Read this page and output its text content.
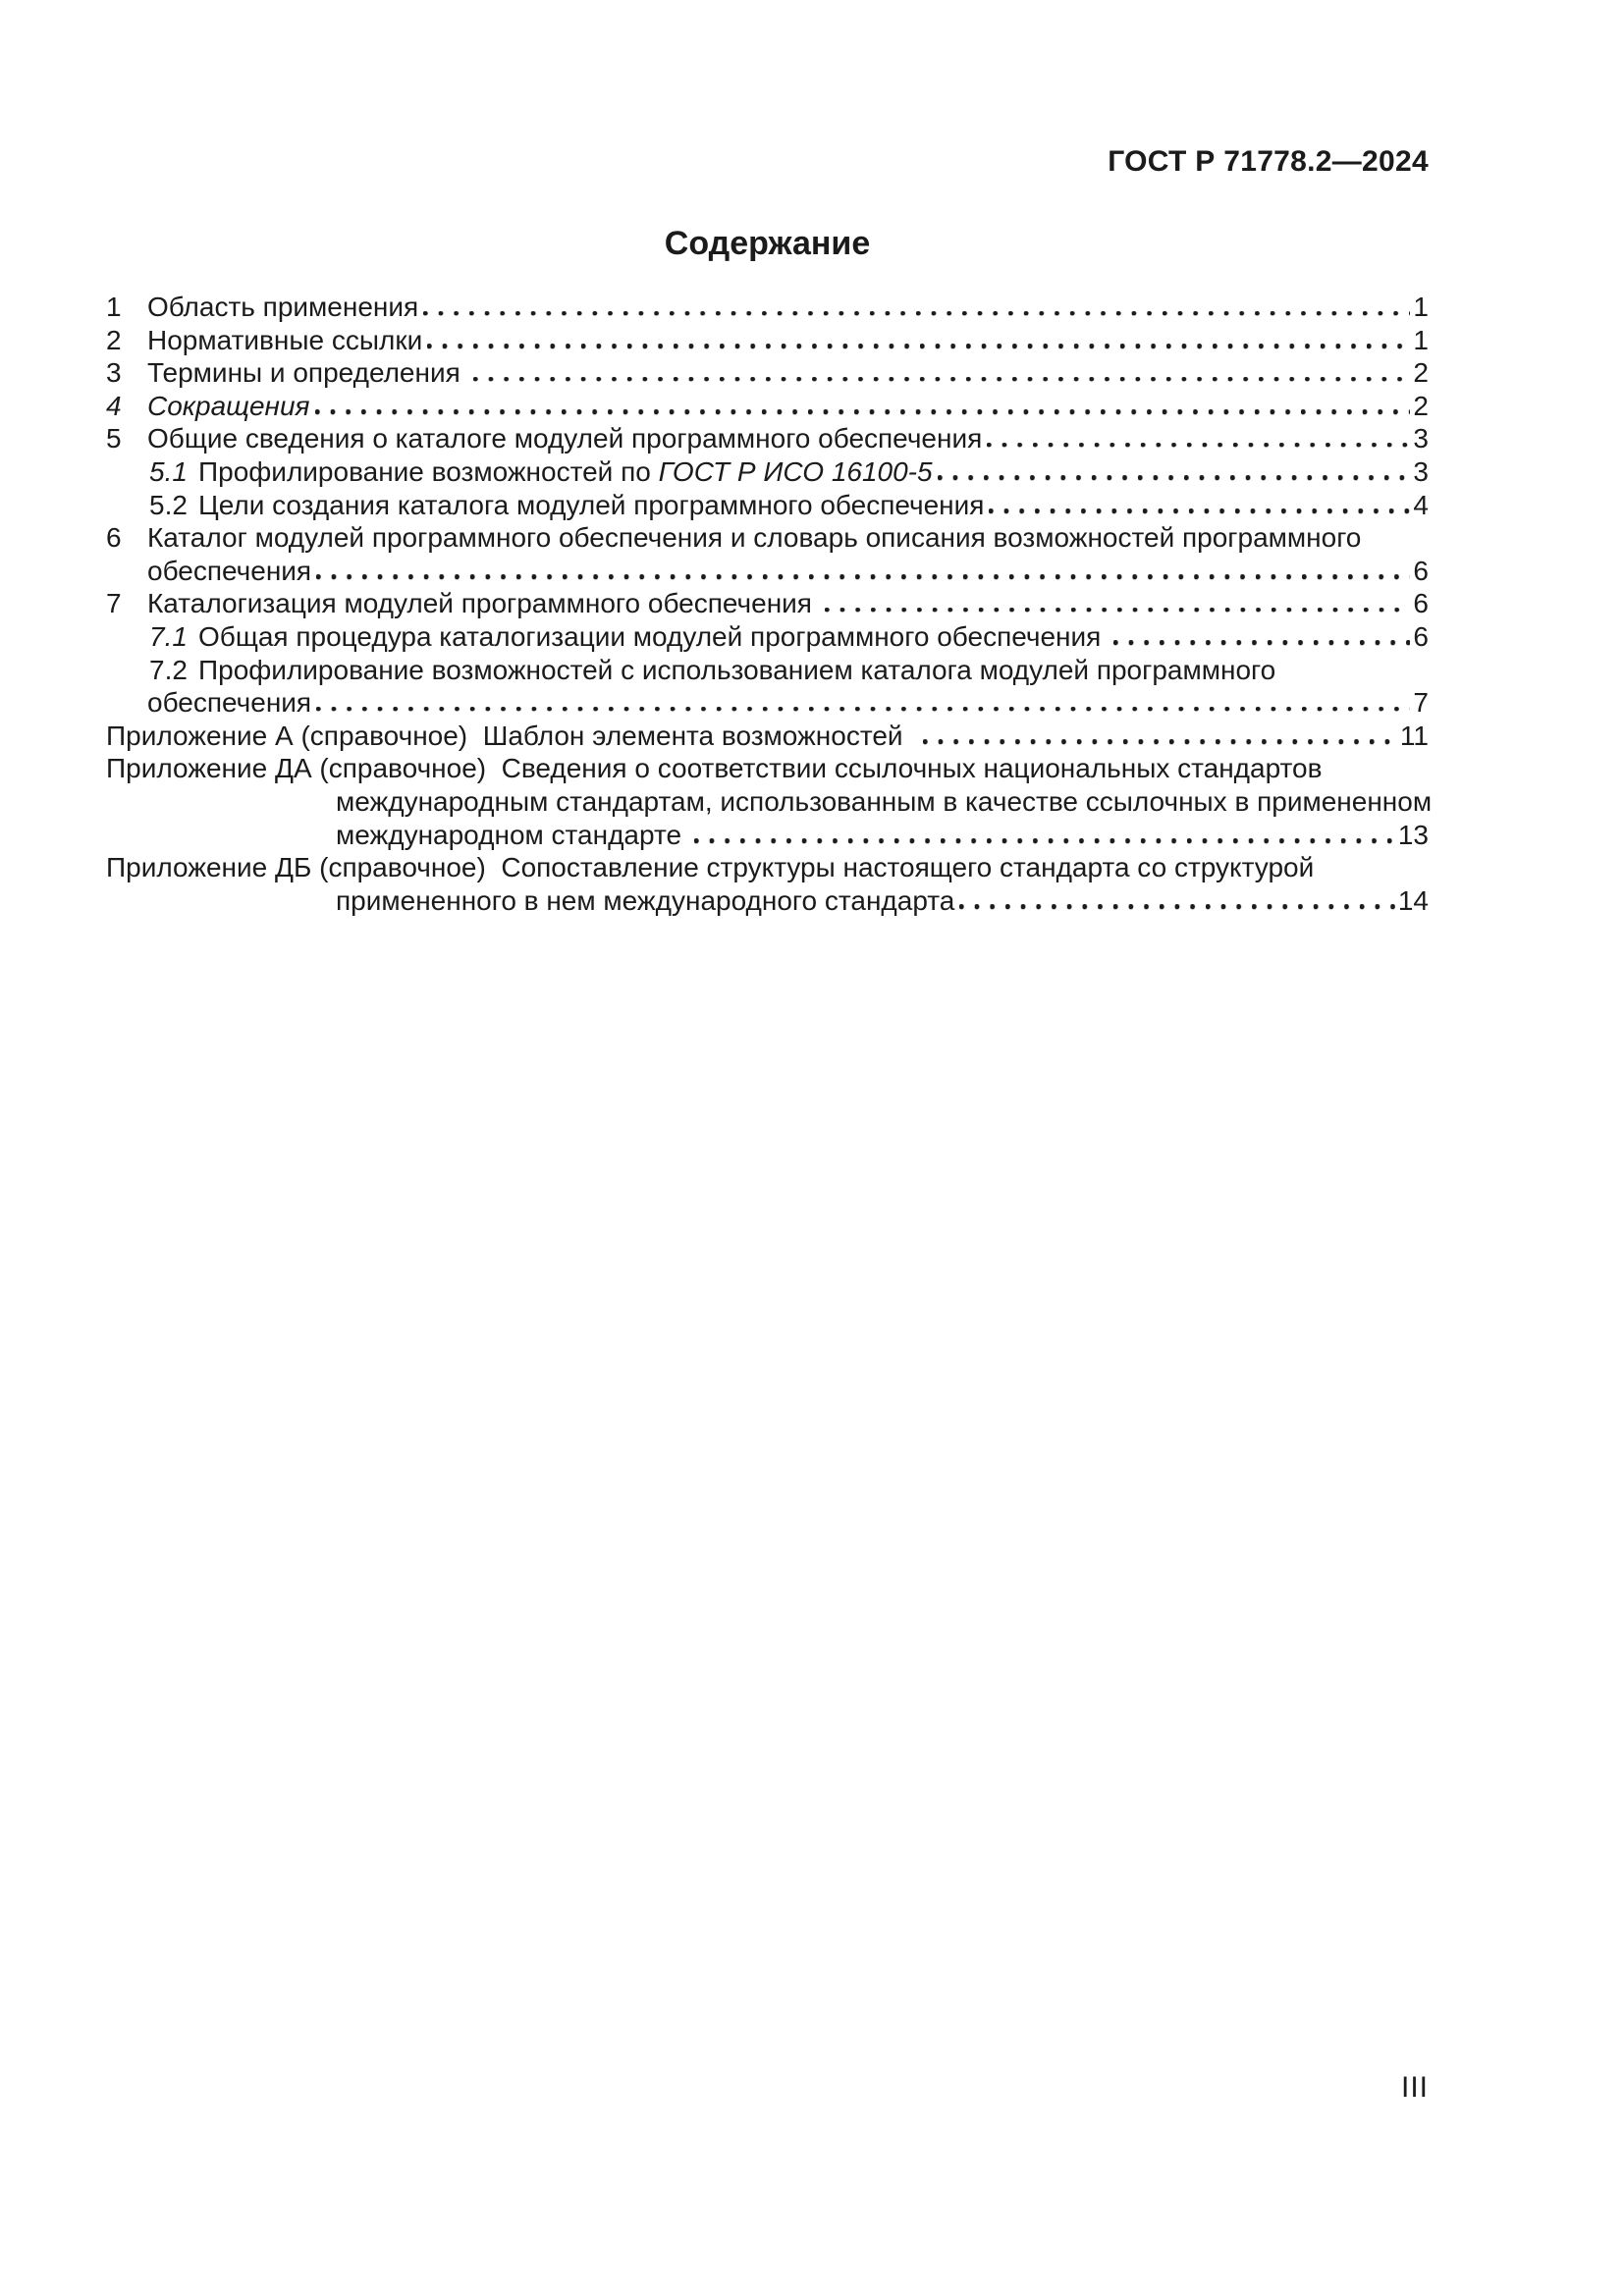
ГОСТ Р 71778.2—2024
Содержание
1 Область применения	1
2 Нормативные ссылки	1
3 Термины и определения	2
4 Сокращения	2
5 Общие сведения о каталоге модулей программного обеспечения	3
5.1 Профилирование возможностей по ГОСТ Р ИСО 16100-5	3
5.2 Цели создания каталога модулей программного обеспечения	4
6 Каталог модулей программного обеспечения и словарь описания возможностей программного
обеспечения	6
7 Каталогизация модулей программного обеспечения	6
7.1 Общая процедура каталогизации модулей программного обеспечения	6
7.2 Профилирование возможностей с использованием каталога модулей программного
обеспечения	7
Приложение А (справочное)  Шаблон элемента возможностей	11
Приложение ДА (справочное)  Сведения о соответствии ссылочных национальных стандартов
международным стандартам, использованным в качестве ссылочных в примененном
международном стандарте	13
Приложение ДБ (справочное)  Сопоставление структуры настоящего стандарта со структурой
примененного в нем международного стандарта	14
III
